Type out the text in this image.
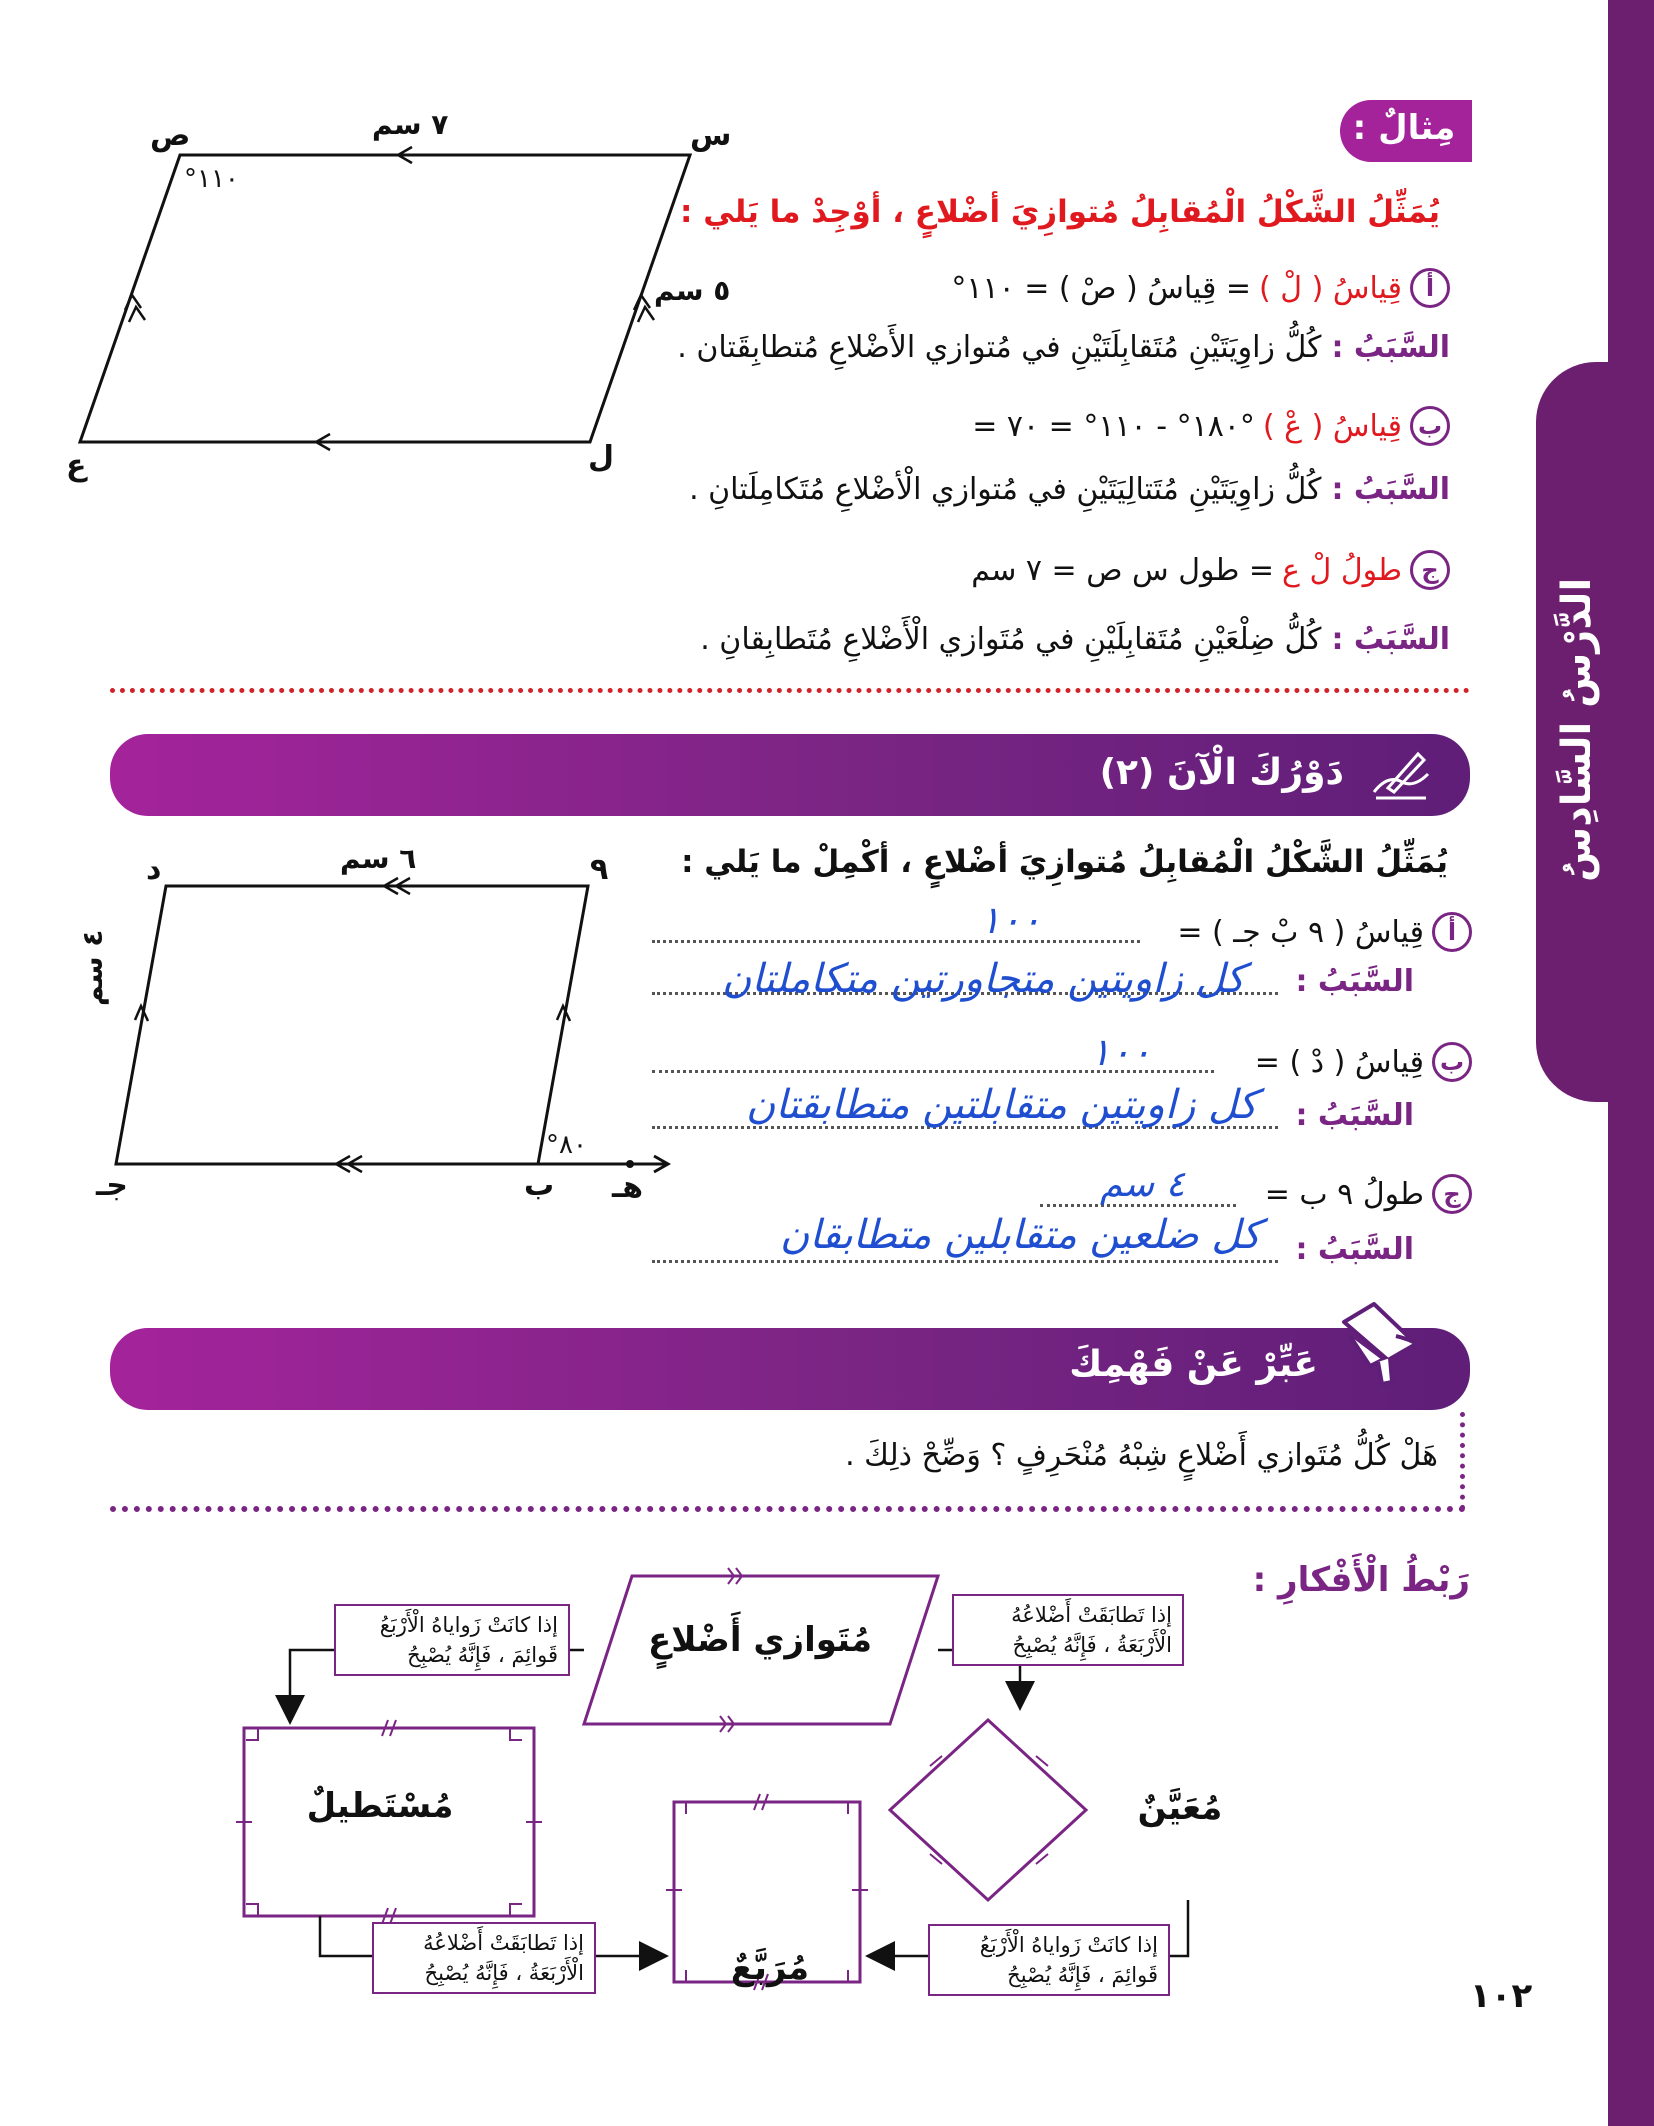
الدَّرْسُ السَّادِسُ
مِثالٌ :
يُمَثِّلُ الشَّكْلُ الْمُقابِلُ مُتوازِيَ أضْلاعٍ ، أوْجِدْ ما يَلي :
أ
قِياسُ ( لْ )
= قِياسُ ( صْ ) = ١١٠°
السَّبَبُ :
كُلُّ زاوِيَتَيْنِ مُتَقابِلَتَيْنِ في مُتوازي الأَضْلاعِ مُتطابِقَتان .
ب
قِياسُ ( عْ )
= ١٨٠° - ١١٠° = ٧٠°
السَّبَبُ :
كُلُّ زاوِيَتَيْنِ مُتَتالِيَتَيْنِ في مُتوازي الْأضْلاعِ مُتَكامِلَتانِ .
ج
طولُ لْ ع
= طول س ص = ٧ سم
السَّبَبُ :
كُلُّ ضِلْعَيْنِ مُتَقابِلَيْنِ في مُتَوازي الْأَضْلاعِ مُتَطابِقانِ .
ص	س
ل
ع
٧ سم
٥ سم
°١١٠
دَوْرُكَ الْآنَ (٢)
يُمَثِّلُ الشَّكْلُ الْمُقابِلُ مُتوازِيَ أضْلاعٍ ، أكْمِلْ ما يَلي :
أ
قِياسُ ( ٩ بْ جـ ) =
١٠٠
السَّبَبُ :
كل زاويتين متجاورتين متكاملتان
ب
قِياسُ ( دْ ) =
١٠٠
السَّبَبُ :
كل زاويتين متقابلتين متطابقتان
ج
طولُ ٩ ب =
٤ سم
السَّبَبُ :
كل ضلعين متقابلين متطابقان
د	٩
ب
جـ	هـ
٦ سم
٤ سم
°٨٠
عَبِّرْ عَنْ فَهْمِكَ
هَلْ كُلُّ مُتَوازي أَضْلاعٍ شِبْهُ مُنْحَرِفٍ ؟ وَضِّحْ ذلِكَ .
رَبْطُ الْأَفْكارِ :
مُتَوازي أَضْلاعٍ
مُعَيَّنٌ
مُسْتَطيلٌ
مُرَبَّعٌ
إذا تَطابَقَتْ أَضْلاعُهُ الْأَرْبَعَةُ ، فَإِنَّهُ يُصْبِحُ
إذا كانَتْ زَواياهُ الْأَرْبَعُ قَوائِمَ ، فَإِنَّهُ يُصْبِحُ
إذا تَطابَقَتْ أَضْلاعُهُ الْأَرْبَعَةُ ، فَإِنَّهُ يُصْبِحُ
إذا كانَتْ زَواياهُ الْأَرْبَعُ قَوائِمَ ، فَإِنَّهُ يُصْبِحُ
١٠٢
